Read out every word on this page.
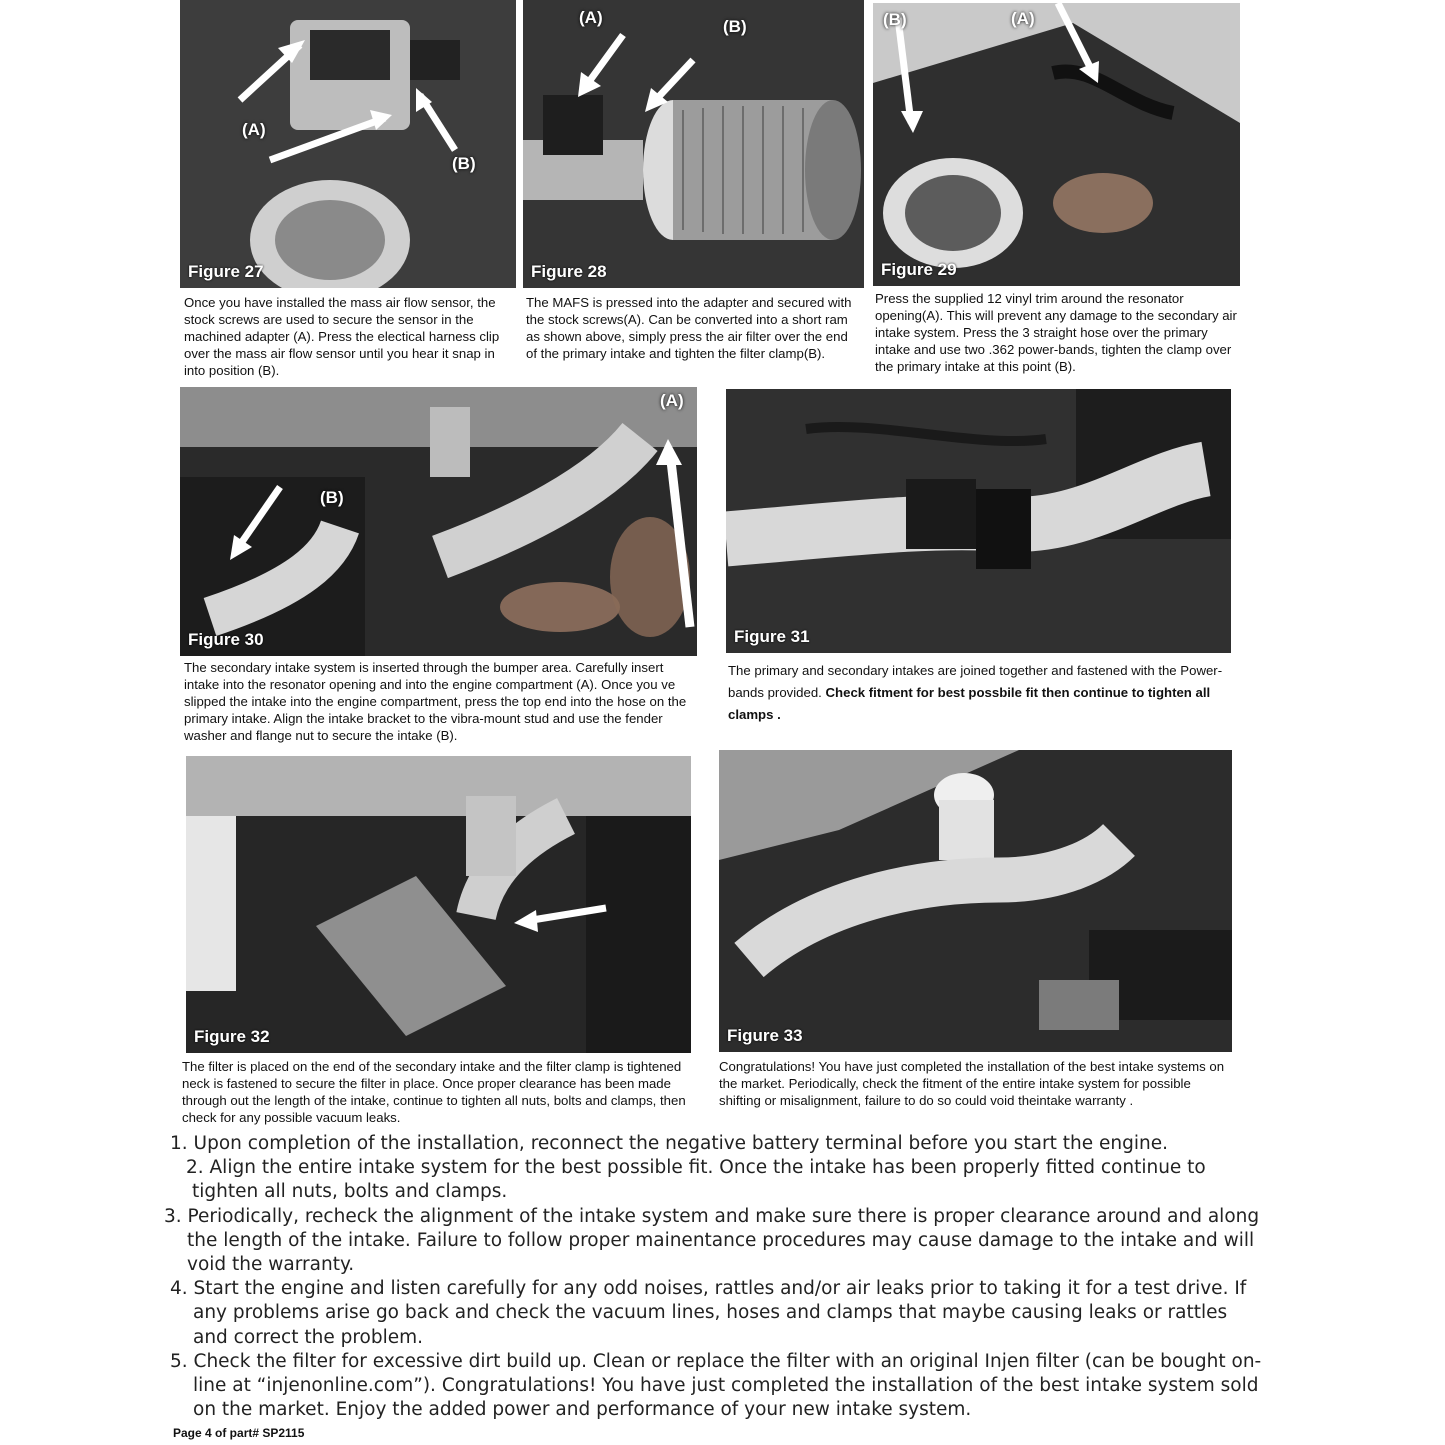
(A)
(B)
Figure 27

Once you have installed the mass air flow sensor, the stock screws are used to secure the sensor in the machined adapter (A). Press the electical harness clip over the mass air flow sensor until you hear it snap in into position (B).

(A)	(B)
Figure 28

The MAFS is pressed into the adapter and secured with the stock screws(A). Can be converted into a short ram as shown above, simply press the air filter over the end of the primary intake and tighten the filter clamp(B).

(B)	(A)
Figure 29

Press the supplied 12 vinyl trim around the resonator opening(A). This will prevent any damage to the secondary air intake system. Press the 3 straight hose over the primary intake and use two .362 power-bands, tighten the clamp over the primary intake at this point (B).

(A)
(B)
Figure 30

The secondary intake system is inserted through the bumper area. Carefully insert intake into the resonator opening and into the engine compartment (A). Once you ve slipped the intake into the engine compartment, press the top end into the hose on the primary intake. Align the intake bracket to the vibra-mount stud and use the fender washer and flange nut to secure the intake (B).

Figure 31

The primary and secondary intakes are joined together and fastened with the Power- bands provided. Check fitment for best possbile fit then continue to tighten all clamps .

Figure 32

The filter is placed on the end of the secondary intake and the filter clamp is tightened neck is fastened to secure the filter in place. Once proper clearance has been made through out the length of the intake, continue to tighten all nuts, bolts and clamps, then check for any possible vacuum leaks.

Figure 33

Congratulations! You have just completed the installation of the best intake systems on the market. Periodically, check the fitment of the entire intake system for possible shifting or misalignment, failure to do so could void theintake warranty .

1. Upon completion of the installation, reconnect the negative battery terminal before you start the engine.
2. Align the entire intake system for the best possible fit. Once the intake has been properly fitted continue to tighten all nuts, bolts and clamps.
3. Periodically, recheck the alignment of the intake system and make sure there is proper clearance around and along the length of the intake. Failure to follow proper mainentance procedures may cause damage to the intake and will void the warranty.
4. Start the engine and listen carefully for any odd noises, rattles and/or air leaks prior to taking it for a test drive. If any problems arise go back and check the vacuum lines, hoses and clamps that maybe causing leaks or rattles and correct the problem.
5. Check the filter for excessive dirt build up. Clean or replace the filter with an original Injen filter (can be bought on-line at “injenonline.com”). Congratulations! You have just completed the installation of the best intake system sold on the market. Enjoy the added power and performance of your new intake system.
Page 4 of part# SP2115
